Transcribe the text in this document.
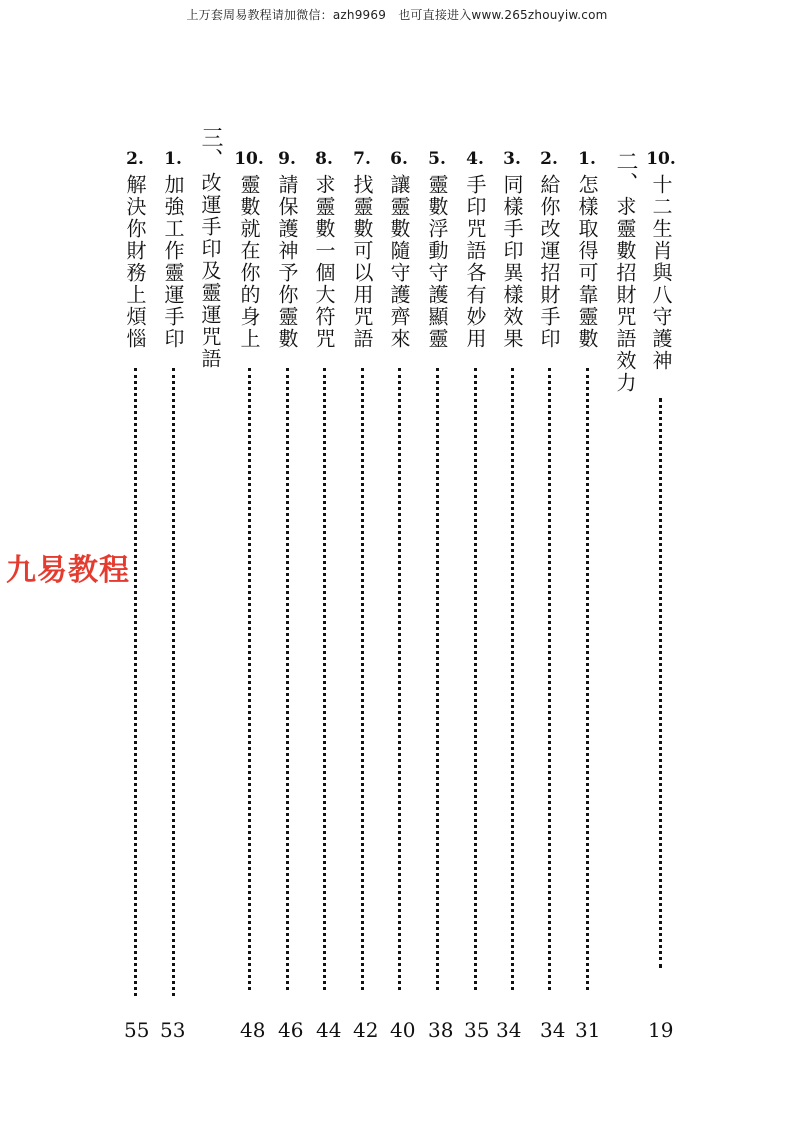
上万套周易教程请加微信：azh9969　也可直接进入www.265zhouyiw.com
九易教程
10.
十二生肖與八守護神
19
二、
求靈數招財咒語效力
1.
怎樣取得可靠靈數
31
2.
給你改運招財手印
34
3.
同樣手印異樣效果
34
4.
手印咒語各有妙用
35
5.
靈數浮動守護顯靈
38
6.
讓靈數隨守護齊來
40
7.
找靈數可以用咒語
42
8.
求靈數一個大符咒
44
9.
請保護神予你靈數
46
10.
靈數就在你的身上
48
三、
改運手印及靈運咒語
1.
加強工作靈運手印
53
2.
解決你財務上煩惱
55
